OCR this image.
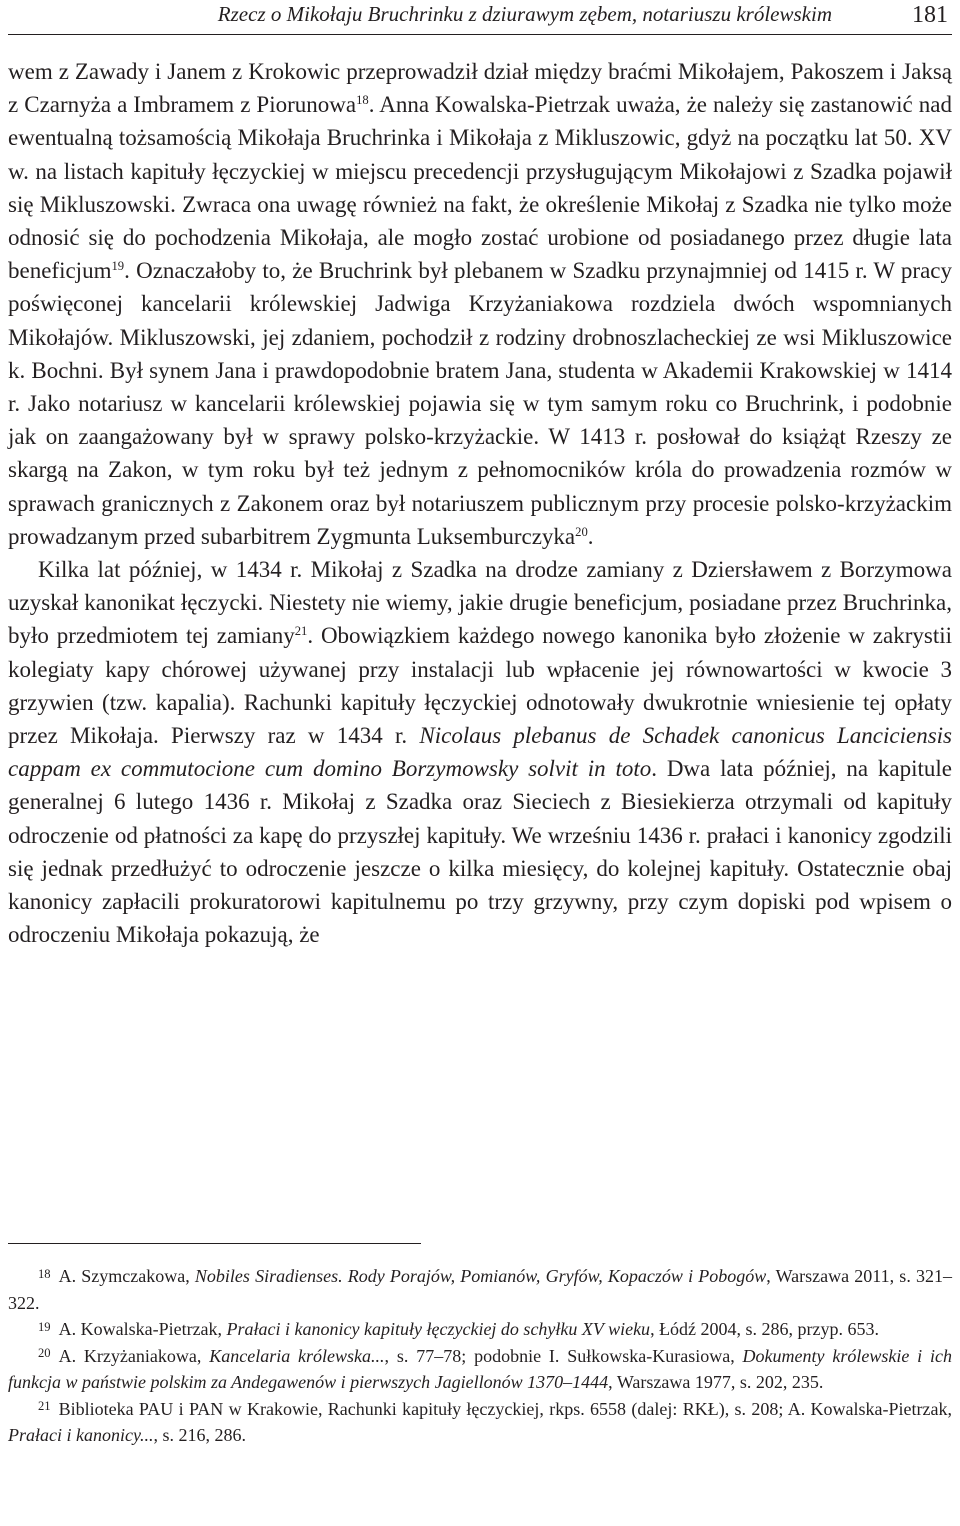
Rzecz o Mikołaju Bruchrinku z dziurawym zębem, notariuszu królewskim	181

wem z Zawady i Janem z Krokowic przeprowadził dział między braćmi Mikołajem, Pakoszem i Jaksą z Czarnyża a Imbramem z Piorunowa$^{18}$. Anna Kowalska-Pietrzak uważa, że należy się zastanowić nad ewentualną tożsamością Mikołaja Bruchrinka i Mikołaja z Mikluszowic, gdyż na początku lat 50. XV w. na listach kapituły łęczyckiej w miejscu precedencji przysługującym Mikołajowi z Szadka pojawił się Mikluszowski. Zwraca ona uwagę również na fakt, że określenie Mikołaj z Szadka nie tylko może odnosić się do pochodzenia Mikołaja, ale mogło zostać urobione od posiadanego przez długie lata beneficjum$^{19}$. Oznaczałoby to, że Bruchrink był plebanem w Szadku przynajmniej od 1415 r. W pracy poświęconej kancelarii królewskiej Jadwiga Krzyżaniakowa rozdziela dwóch wspomnianych Mikołajów. Mikluszowski, jej zdaniem, pochodził z rodziny drobnoszlacheckiej ze wsi Mikluszowice k. Bochni. Był synem Jana i prawdopodobnie bratem Jana, studenta w Akademii Krakowskiej w 1414 r. Jako notariusz w kancelarii królewskiej pojawia się w tym samym roku co Bruchrink, i podobnie jak on zaangażowany był w sprawy polsko-krzyżackie. W 1413 r. posłował do książąt Rzeszy ze skargą na Zakon, w tym roku był też jednym z pełnomocników króla do prowadzenia rozmów w sprawach granicznych z Zakonem oraz był notariuszem publicznym przy procesie polsko-krzyżackim prowadzanym przed subarbitrem Zygmunta Luksemburczyka$^{20}$.

Kilka lat później, w 1434 r. Mikołaj z Szadka na drodze zamiany z Dziersławem z Borzymowa uzyskał kanonikat łęczycki. Niestety nie wiemy, jakie drugie beneficjum, posiadane przez Bruchrinka, było przedmiotem tej zamiany$^{21}$. Obowiązkiem każdego nowego kanonika było złożenie w zakrystii kolegiaty kapy chórowej używanej przy instalacji lub wpłacenie jej równowartości w kwocie 3 grzywien (tzw. kapalia). Rachunki kapituły łęczyckiej odnotowały dwukrotnie wniesienie tej opłaty przez Mikołaja. Pierwszy raz w 1434 r. Nicolaus plebanus de Schadek canonicus Lanciciensis cappam ex commutocione cum domino Borzymowsky solvit in toto. Dwa lata później, na kapitule generalnej 6 lutego 1436 r. Mikołaj z Szadka oraz Sieciech z Biesiekierza otrzymali od kapituły odroczenie od płatności za kapę do przyszłej kapituły. We wrześniu 1436 r. prałaci i kanonicy zgodzili się jednak przedłużyć to odroczenie jeszcze o kilka miesięcy, do kolejnej kapituły. Ostatecznie obaj kanonicy zapłacili prokuratorowi kapitulnemu po trzy grzywny, przy czym dopiski pod wpisem o odroczeniu Mikołaja pokazują, że

$^{18}$ A. Szymczakowa, Nobiles Siradienses. Rody Porajów, Pomianów, Gryfów, Kopaczów i Pobogów, Warszawa 2011, s. 321–322.

$^{19}$ A. Kowalska-Pietrzak, Prałaci i kanonicy kapituły łęczyckiej do schyłku XV wieku, Łódź 2004, s. 286, przyp. 653.

$^{20}$ A. Krzyżaniakowa, Kancelaria królewska..., s. 77–78; podobnie I. Sułkowska-Kurasiowa, Dokumenty królewskie i ich funkcja w państwie polskim za Andegawenów i pierwszych Jagiellonów 1370–1444, Warszawa 1977, s. 202, 235.

$^{21}$ Biblioteka PAU i PAN w Krakowie, Rachunki kapituły łęczyckiej, rkps. 6558 (dalej: RKŁ), s. 208; A. Kowalska-Pietrzak, Prałaci i kanonicy..., s. 216, 286.
